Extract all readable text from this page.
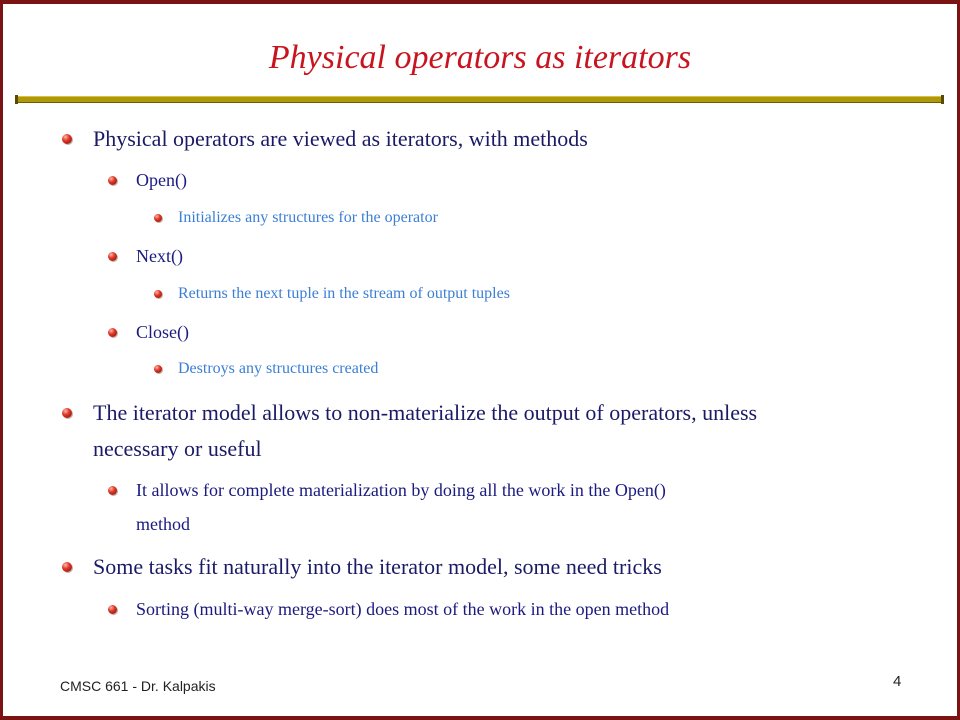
Physical operators as iterators
Physical operators are viewed as iterators, with methods
Open()
Initializes any structures for the operator
Next()
Returns the next tuple in the stream of output tuples
Close()
Destroys any structures created
The iterator model allows to non-materialize the output of operators, unless
necessary or useful
It allows for complete materialization by doing all the work in the Open()
method
Some tasks fit naturally into the iterator model, some need tricks
Sorting (multi-way merge-sort) does most of the work in the open method
CMSC 661 - Dr. Kalpakis	4
